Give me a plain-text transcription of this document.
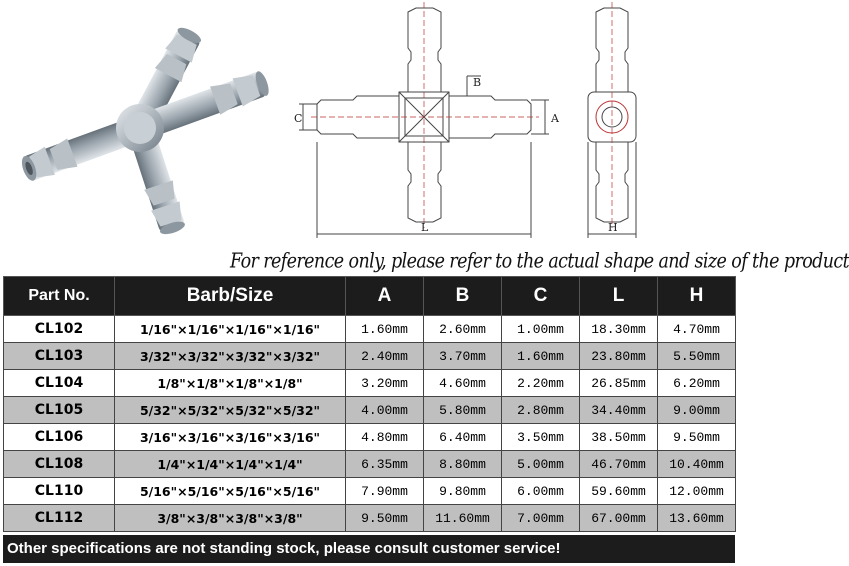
C	A
B
L	H
For reference only, please refer to the actual shape and size of the product
Part No.	Barb/Size	A	B	C	L	H
CL102	1/16"×1/16"×1/16"×1/16"	1.60mm	2.60mm	1.00mm	18.30mm	4.70mm
CL103	3/32"×3/32"×3/32"×3/32"	2.40mm	3.70mm	1.60mm	23.80mm	5.50mm
CL104	1/8"×1/8"×1/8"×1/8"	3.20mm	4.60mm	2.20mm	26.85mm	6.20mm
CL105	5/32"×5/32"×5/32"×5/32"	4.00mm	5.80mm	2.80mm	34.40mm	9.00mm
CL106	3/16"×3/16"×3/16"×3/16"	4.80mm	6.40mm	3.50mm	38.50mm	9.50mm
CL108	1/4"×1/4"×1/4"×1/4"	6.35mm	8.80mm	5.00mm	46.70mm	10.40mm
CL110	5/16"×5/16"×5/16"×5/16"	7.90mm	9.80mm	6.00mm	59.60mm	12.00mm
CL112	3/8"×3/8"×3/8"×3/8"	9.50mm	11.60mm	7.00mm	67.00mm	13.60mm
Other specifications are not standing stock, please consult customer service!
